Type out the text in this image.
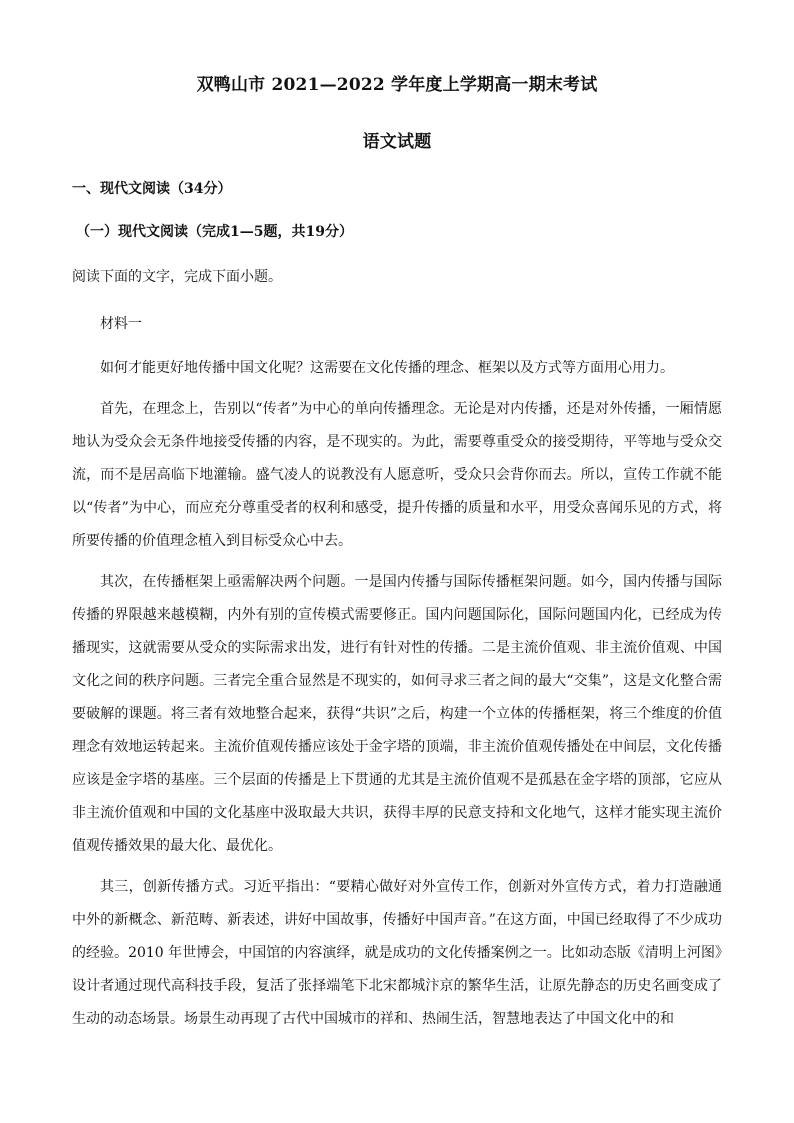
双鸭山市 2021—2022 学年度上学期高一期末考试
语文试题
一、现代文阅读（34分）
（一）现代文阅读（完成1—5题，共19分）
阅读下面的文字，完成下面小题。
材料一

如何才能更好地传播中国文化呢？这需要在文化传播的理念、框架以及方式等方面用心用力。

首先，在理念上，告别以“传者”为中心的单向传播理念。无论是对内传播，还是对外传播，一厢情愿地认为受众会无条件地接受传播的内容，是不现实的。为此，需要尊重受众的接受期待，平等地与受众交流，而不是居高临下地灌输。盛气凌人的说教没有人愿意听，受众只会背你而去。所以，宣传工作就不能以“传者”为中心，而应充分尊重受者的权利和感受，提升传播的质量和水平，用受众喜闻乐见的方式，将所要传播的价值理念植入到目标受众心中去。

其次，在传播框架上亟需解决两个问题。一是国内传播与国际传播框架问题。如今，国内传播与国际传播的界限越来越模糊，内外有别的宣传模式需要修正。国内问题国际化，国际问题国内化，已经成为传播现实，这就需要从受众的实际需求出发，进行有针对性的传播。二是主流价值观、非主流价值观、中国文化之间的秩序问题。三者完全重合显然是不现实的，如何寻求三者之间的最大“交集”，这是文化整合需要破解的课题。将三者有效地整合起来，获得“共识”之后，构建一个立体的传播框架，将三个维度的价值理念有效地运转起来。主流价值观传播应该处于金字塔的顶端，非主流价值观传播处在中间层，文化传播应该是金字塔的基座。三个层面的传播是上下贯通的尤其是主流价值观不是孤悬在金字塔的顶部，它应从非主流价值观和中国的文化基座中汲取最大共识，获得丰厚的民意支持和文化地气，这样才能实现主流价值观传播效果的最大化、最优化。

其三，创新传播方式。习近平指出：“要精心做好对外宣传工作，创新对外宣传方式，着力打造融通中外的新概念、新范畴、新表述，讲好中国故事，传播好中国声音。”在这方面，中国已经取得了不少成功的经验。2010 年世博会，中国馆的内容演绎，就是成功的文化传播案例之一。比如动态版《清明上河图》设计者通过现代高科技手段，复活了张择端笔下北宋都城汴京的繁华生活，让原先静态的历史名画变成了生动的动态场景。场景生动再现了古代中国城市的祥和、热闹生活，智慧地表达了中国文化中的和
